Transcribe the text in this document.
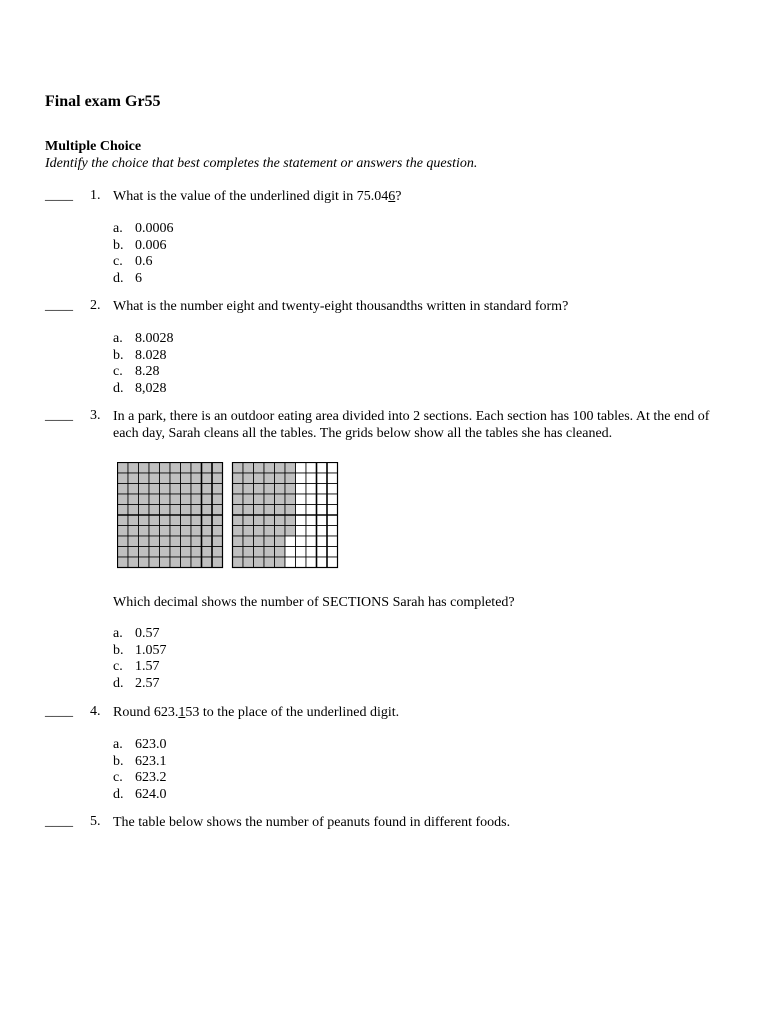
Final exam Gr55
Multiple Choice
Identify the choice that best completes the statement or answers the question.
____ 1. What is the value of the underlined digit in 75.046?
a. 0.0006
b. 0.006
c. 0.6
d. 6
____ 2. What is the number eight and twenty-eight thousandths written in standard form?
a. 8.0028
b. 8.028
c. 8.28
d. 8,028
____ 3. In a park, there is an outdoor eating area divided into 2 sections. Each section has 100 tables. At the end of
each day, Sarah cleans all the tables. The grids below show all the tables she has cleaned.
Which decimal shows the number of SECTIONS Sarah has completed?
a. 0.57
b. 1.057
c. 1.57
d. 2.57
____ 4. Round 623.153 to the place of the underlined digit.
a. 623.0
b. 623.1
c. 623.2
d. 624.0
____ 5. The table below shows the number of peanuts found in different foods.
